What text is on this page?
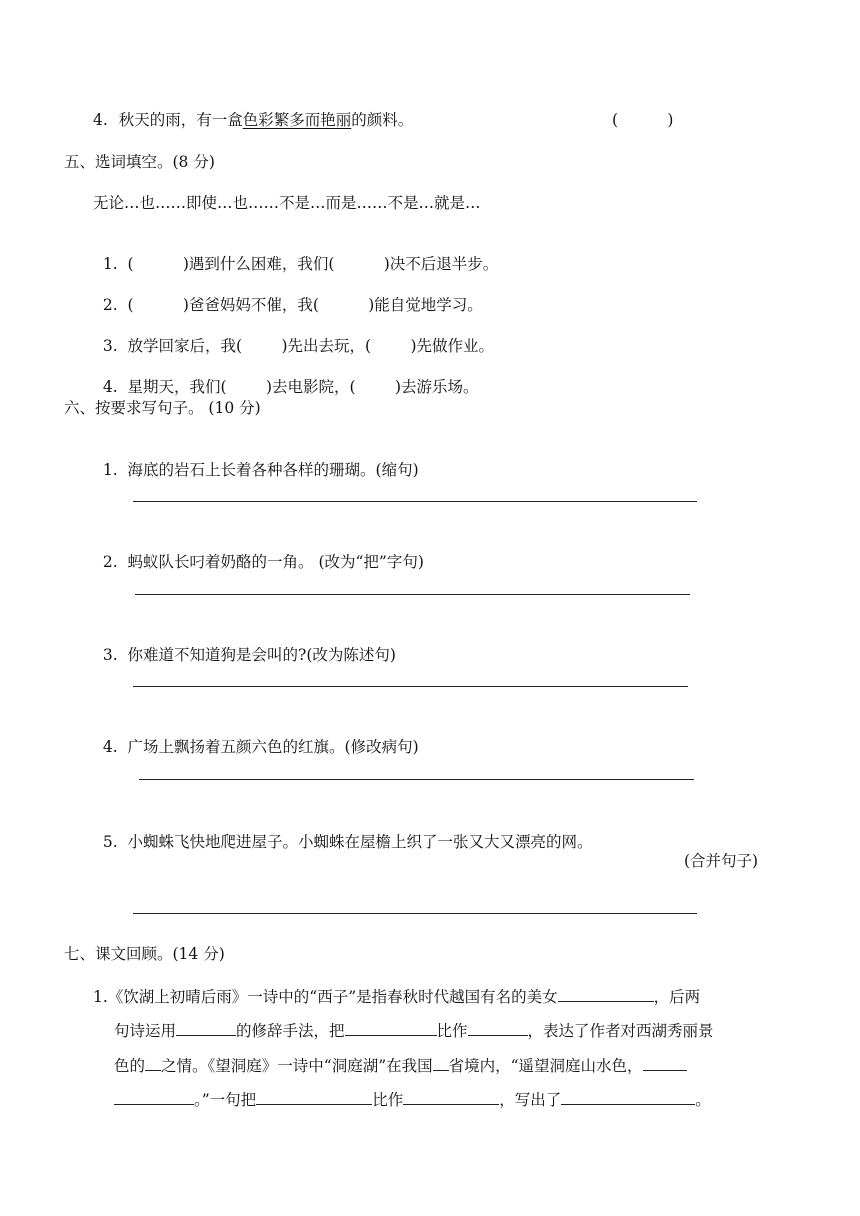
4. 秋天的雨，有一盒色彩繁多而艳丽的颜料。	(          )
五、选词填空。(8 分)
无论…也……即使…也……不是…而是……不是…就是…

1. (          )遇到什么困难，我们(          )决不后退半步。

2. (          )爸爸妈妈不催，我(          )能自觉地学习。

3. 放学回家后，我(        )先出去玩，(        )先做作业。

4. 星期天，我们(        )去电影院，(        )去游乐场。

六、按要求写句子。 (10 分)

1. 海底的岩石上长着各种各样的珊瑚。(缩句)

2. 蚂蚁队长叼着奶酪的一角。 (改为“把”字句)

3. 你难道不知道狗是会叫的?(改为陈述句)

4. 广场上飘扬着五颜六色的红旗。(修改病句)

5. 小蜘蛛飞快地爬进屋子。小蜘蛛在屋檐上织了一张又大又漂亮的网。

(合并句子)
七、课文回顾。(14 分)
1.《饮湖上初晴后雨》一诗中的“西子”是指春秋时代越国有名的美女	，后两
句诗运用	的修辞手法，把	比作	，表达了作者对西湖秀丽景
色的 之情。《望洞庭》一诗中“洞庭湖”在我国 省境内，“遥望洞庭山水色，
。”一句把	比作	，写出了	。
